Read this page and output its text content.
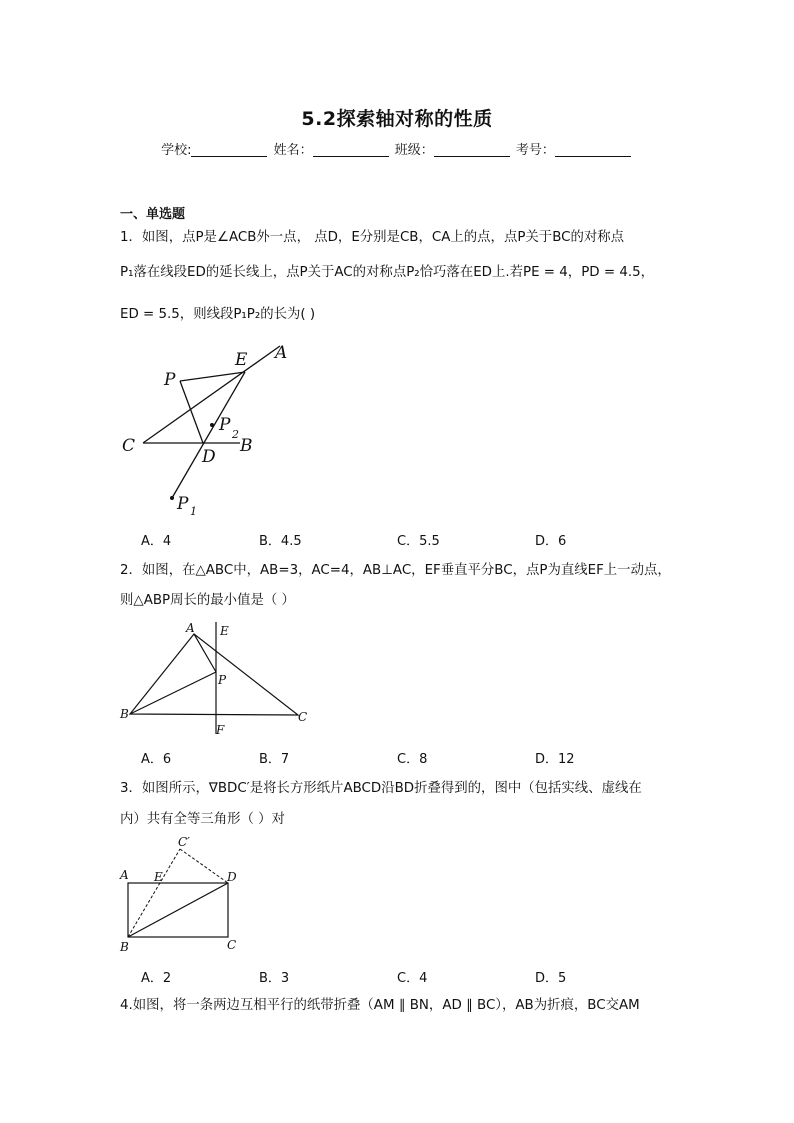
5.2探索轴对称的性质
学校:	姓名：	班级：	考号：
一、单选题
1．如图，点P是∠ACB外一点， 点D，E分别是CB，CA上的点，点P关于BC的对称点
P₁落在线段ED的延长线上，点P关于AC的对称点P₂恰巧落在ED上.若PE = 4，PD = 4.5，
ED = 5.5，则线段P₁P₂的长为( )
P
E A
C
D
B
P 2
P 1
A．4	B．4.5	C．5.5	D．6
2．如图，在△ABC中，AB=3，AC=4，AB⊥AC，EF垂直平分BC，点P为直线EF上一动点，
则△ABP周长的最小值是（ ）
A E
P
B	C
F
A．6	B．7	C．8	D．12
3．如图所示，∇BDC′是将长方形纸片ABCD沿BD折叠得到的，图中（包括实线、虚线在
内）共有全等三角形（ ）对
C′
A E	D
B	C
A．2	B．3	C．4	D．5
4.如图，将一条两边互相平行的纸带折叠（AM ∥ BN，AD ∥ BC），AB为折痕，BC交AM
